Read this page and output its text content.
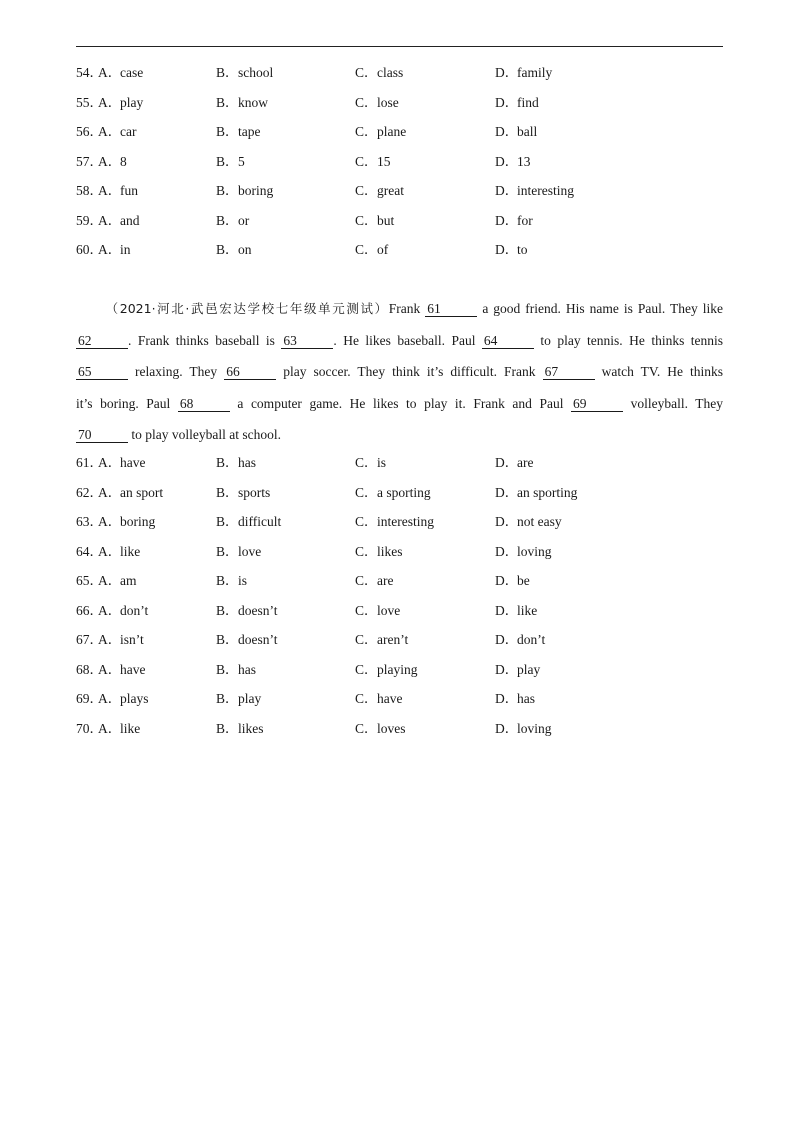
54．
A．case	B．school	C．class	D．family
55．
A．play	B．know	C．lose	D．find
56．
A．car	B．tape	C．plane	D．ball
57．
A．8	B．5	C．15	D．13
58．
A．fun	B．boring	C．great	D．interesting
59．
A．and	B．or	C．but	D．for
60．
A．in	B．on	C．of	D．to
（2021·河北·武邑宏达学校七年级单元测试）Frank 61	a good friend. His name is Paul. They like
62	. Frank thinks baseball is 63	. He likes baseball. Paul 64	to play tennis. He thinks tennis
65	relaxing. They 66	play soccer. They think it’s difficult. Frank 67	watch TV. He thinks
it’s boring. Paul 68	a computer game. He likes to play it. Frank and Paul 69	volleyball. They
70	to play volleyball at school.
61．
A．have	B．has	C．is	D．are
62．
A．an sport	B．sports	C．a sporting	D．an sporting
63．
A．boring	B．difficult	C．interesting	D．not easy
64．
A．like	B．love	C．likes	D．loving
65．
A．am	B．is	C．are	D．be
66．
A．don’t	B．doesn’t	C．love	D．like
67．
A．isn’t	B．doesn’t	C．aren’t	D．don’t
68．
A．have	B．has	C．playing	D．play
69．
A．plays	B．play	C．have	D．has
70．
A．like	B．likes	C．loves	D．loving
